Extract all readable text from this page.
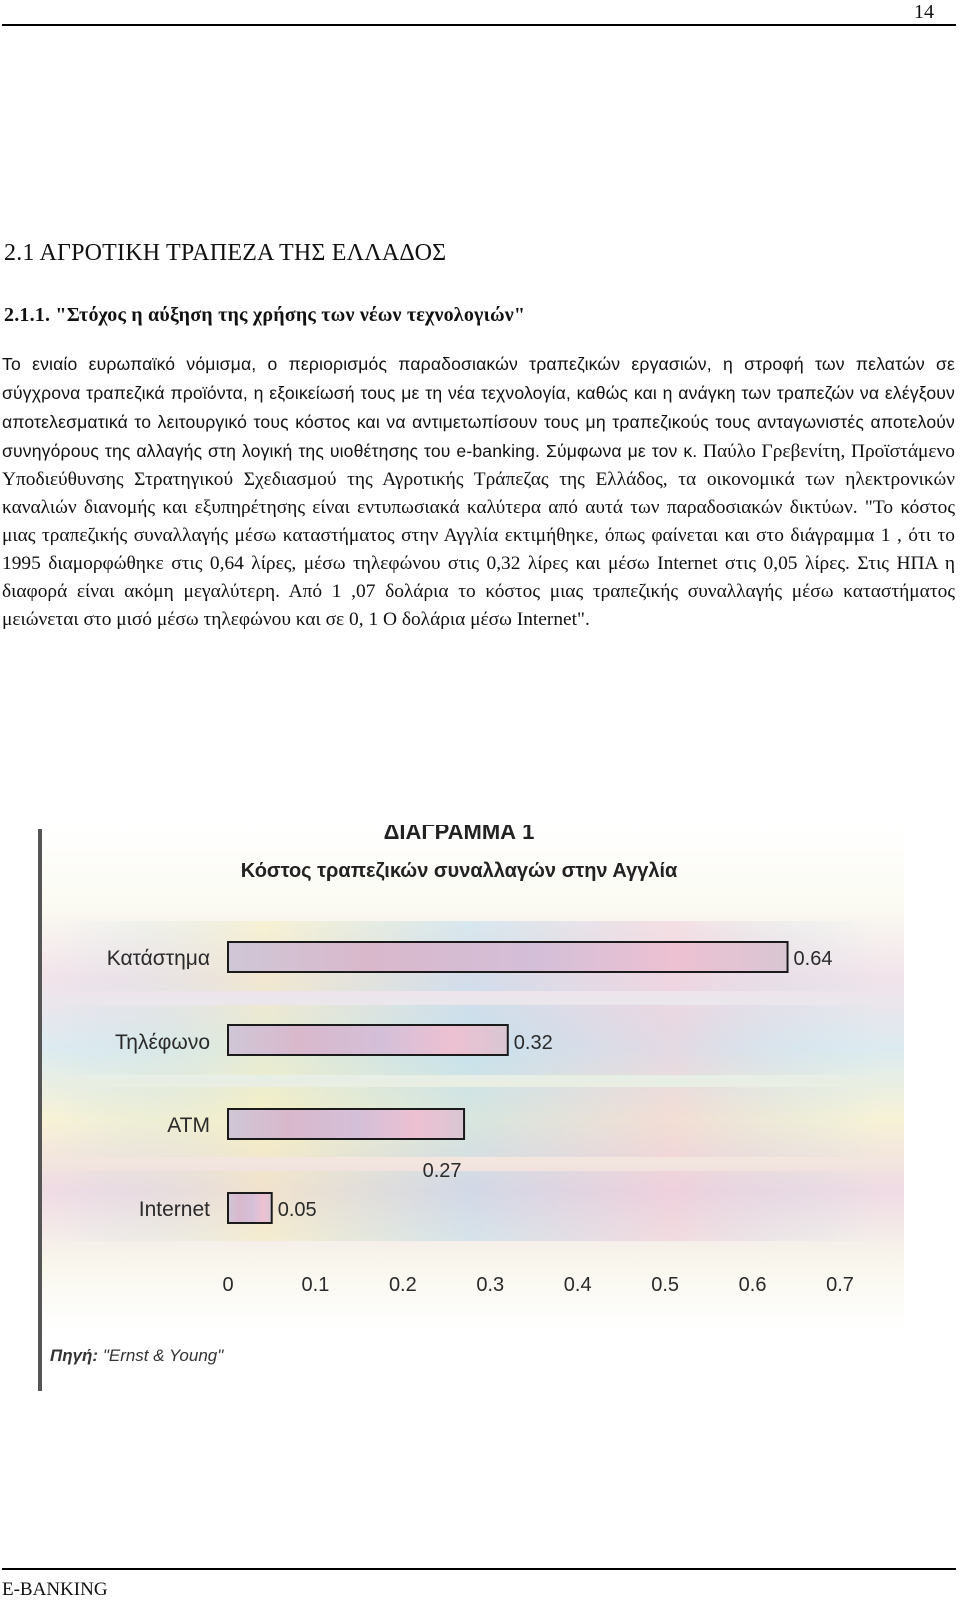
14
2.1 ΑΓΡΟΤΙΚΗ ΤΡΑΠΕΖΑ ΤΗΣ ΕΛΛΑΔΟΣ
2.1.1. "Στόχος η αύξηση της χρήσης των νέων τεχνολογιών"

Το ενιαίο ευρωπαϊκό νόμισμα, ο περιορισμός παραδοσιακών τραπεζικών εργασιών, η στροφή των πελατών σε σύγχρονα τραπεζικά προϊόντα, η εξοικείωσή τους με τη νέα τεχνολογία, καθώς και η ανάγκη των τραπεζών να ελέγξουν αποτελεσματικά το λειτουργικό τους κόστος και να αντιμετωπίσουν τους μη τραπεζικούς τους ανταγωνιστές αποτελούν συνηγόρους της αλλαγής στη λογική της υιοθέτησης του e-banking. Σύμφωνα με τον κ. Παύλο Γρεβενίτη, Προϊστάμενο Υποδιεύθυνσης Στρατηγικού Σχεδιασμού της Αγροτικής Τράπεζας της Ελλάδος, τα οικονομικά των ηλεκτρονικών καναλιών διανομής και εξυπηρέτησης είναι εντυπωσιακά καλύτερα από αυτά των παραδοσιακών δικτύων. "Το κόστος μιας τραπεζικής συναλλαγής μέσω καταστήματος στην Αγγλία εκτιμήθηκε, όπως φαίνεται και στο διάγραμμα 1 , ότι το 1995 διαμορφώθηκε στις 0,64 λίρες, μέσω τηλεφώνου στις 0,32 λίρες και μέσω Internet στις 0,05 λίρες. Στις ΗΠΑ η διαφορά είναι ακόμη μεγαλύτερη. Από 1 ,07 δολάρια το κόστος μιας τραπεζικής συναλλαγής μέσω καταστήματος μειώνεται στο μισό μέσω τηλεφώνου και σε 0, 1 Ο δολάρια μέσω Internet".

ΔΙΑΓΡΑΜΜΑ 1
Κόστος τραπεζικών συναλλαγών στην Αγγλία
Κατάστημα
Τηλέφωνο
ΑΤΜ
Internet
0.64
0.32
0.27
0.05
0	0.1	0.2	0.3	0.4	0.5	0.6	0.7
Πηγή: "Ernst & Young"
E-BANKING
